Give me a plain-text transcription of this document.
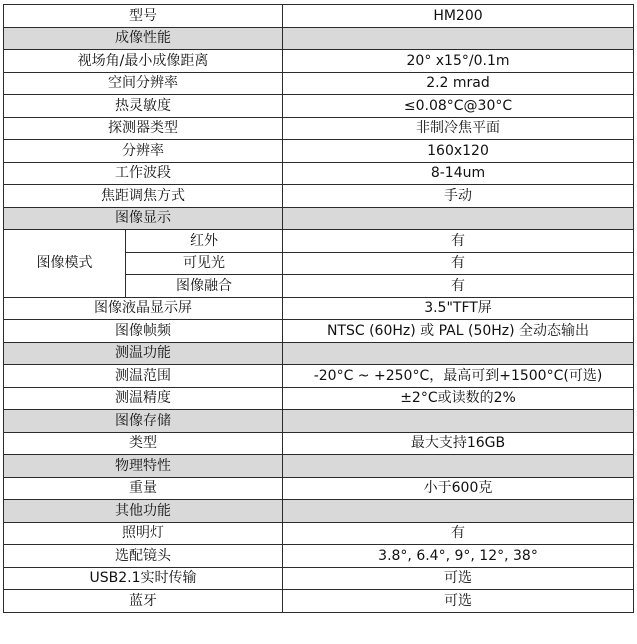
型号		HM200
成像性能		
视场角/最小成像距离		20° x15°/0.1m
空间分辨率		2.2 mrad
热灵敏度		≤0.08°C@30°C
探测器类型		非制冷焦平面
分辨率		160x120
工作波段		8-14um
焦距调焦方式		手动
图像显示		
图像模式	红外	有
	可见光	有
	图像融合	有
图像液晶显示屏		3.5"TFT屏
图像帧频		NTSC (60Hz) 或 PAL (50Hz) 全动态输出
测温功能		
测温范围		-20°C ~ +250°C，最高可到+1500°C(可选)
测温精度		±2°C或读数的2%
图像存储		
类型		最大支持16GB
物理特性		
重量		小于600克
其他功能		
照明灯		有
选配镜头		3.8°, 6.4°, 9°, 12°, 38°
USB2.1实时传输		可选
蓝牙		可选
